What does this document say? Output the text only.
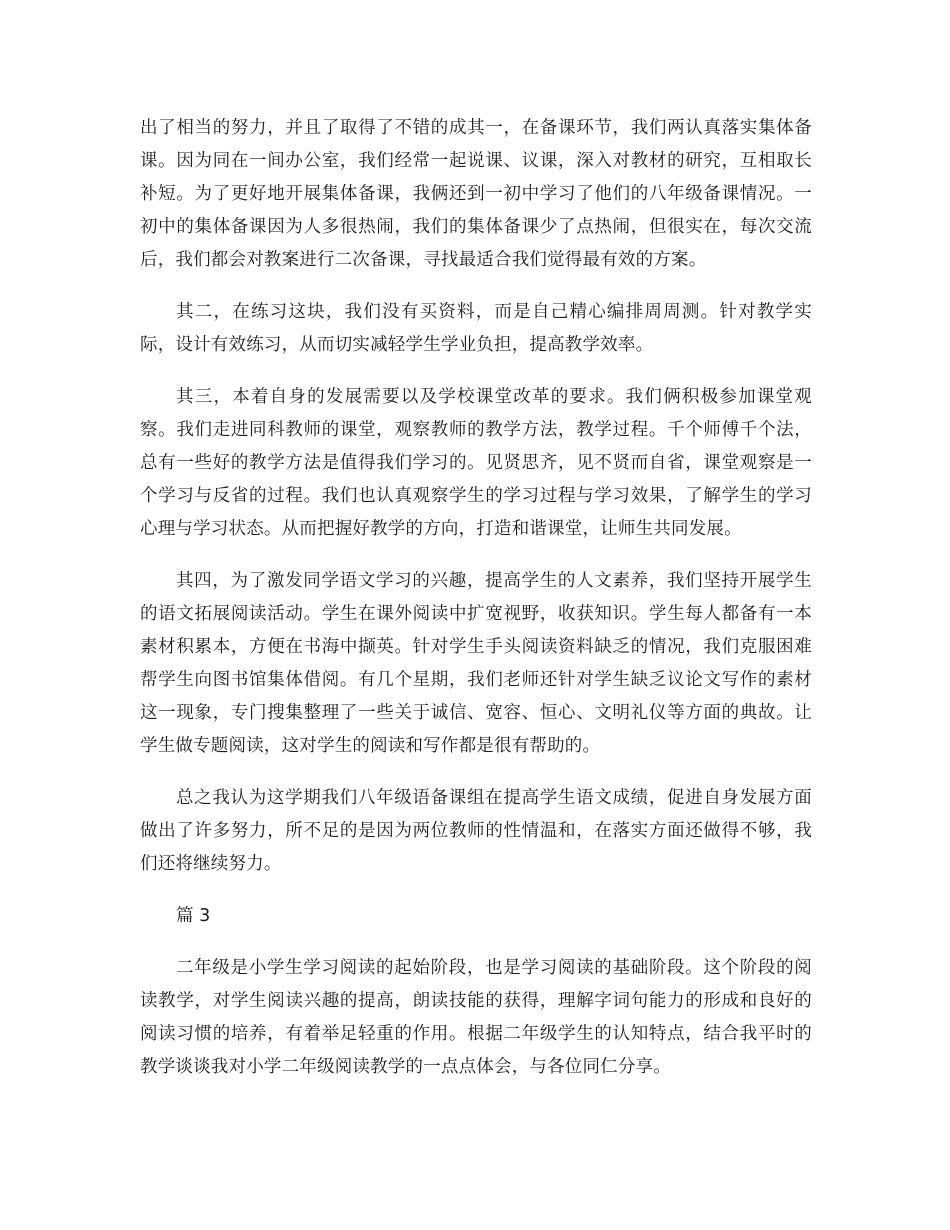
出了相当的努力，并且了取得了不错的成其一，在备课环节，我们两认真落实集体备课。因为同在一间办公室，我们经常一起说课、议课，深入对教材的研究，互相取长补短。为了更好地开展集体备课，我俩还到一初中学习了他们的八年级备课情况。一初中的集体备课因为人多很热闹，我们的集体备课少了点热闹，但很实在，每次交流后，我们都会对教案进行二次备课，寻找最适合我们觉得最有效的方案。

其二，在练习这块，我们没有买资料，而是自己精心编排周周测。针对教学实际，设计有效练习，从而切实减轻学生学业负担，提高教学效率。

其三，本着自身的发展需要以及学校课堂改革的要求。我们俩积极参加课堂观察。我们走进同科教师的课堂，观察教师的教学方法，教学过程。千个师傅千个法，总有一些好的教学方法是值得我们学习的。见贤思齐，见不贤而自省，课堂观察是一个学习与反省的过程。我们也认真观察学生的学习过程与学习效果，了解学生的学习心理与学习状态。从而把握好教学的方向，打造和谐课堂，让师生共同发展。

其四，为了激发同学语文学习的兴趣，提高学生的人文素养，我们坚持开展学生的语文拓展阅读活动。学生在课外阅读中扩宽视野，收获知识。学生每人都备有一本素材积累本，方便在书海中撷英。针对学生手头阅读资料缺乏的情况，我们克服困难帮学生向图书馆集体借阅。有几个星期，我们老师还针对学生缺乏议论文写作的素材这一现象，专门搜集整理了一些关于诚信、宽容、恒心、文明礼仪等方面的典故。让学生做专题阅读，这对学生的阅读和写作都是很有帮助的。

总之我认为这学期我们八年级语备课组在提高学生语文成绩，促进自身发展方面做出了许多努力，所不足的是因为两位教师的性情温和，在落实方面还做得不够，我们还将继续努力。

篇 3

二年级是小学生学习阅读的起始阶段，也是学习阅读的基础阶段。这个阶段的阅读教学，对学生阅读兴趣的提高，朗读技能的获得，理解字词句能力的形成和良好的阅读习惯的培养，有着举足轻重的作用。根据二年级学生的认知特点，结合我平时的教学谈谈我对小学二年级阅读教学的一点点体会，与各位同仁分享。
